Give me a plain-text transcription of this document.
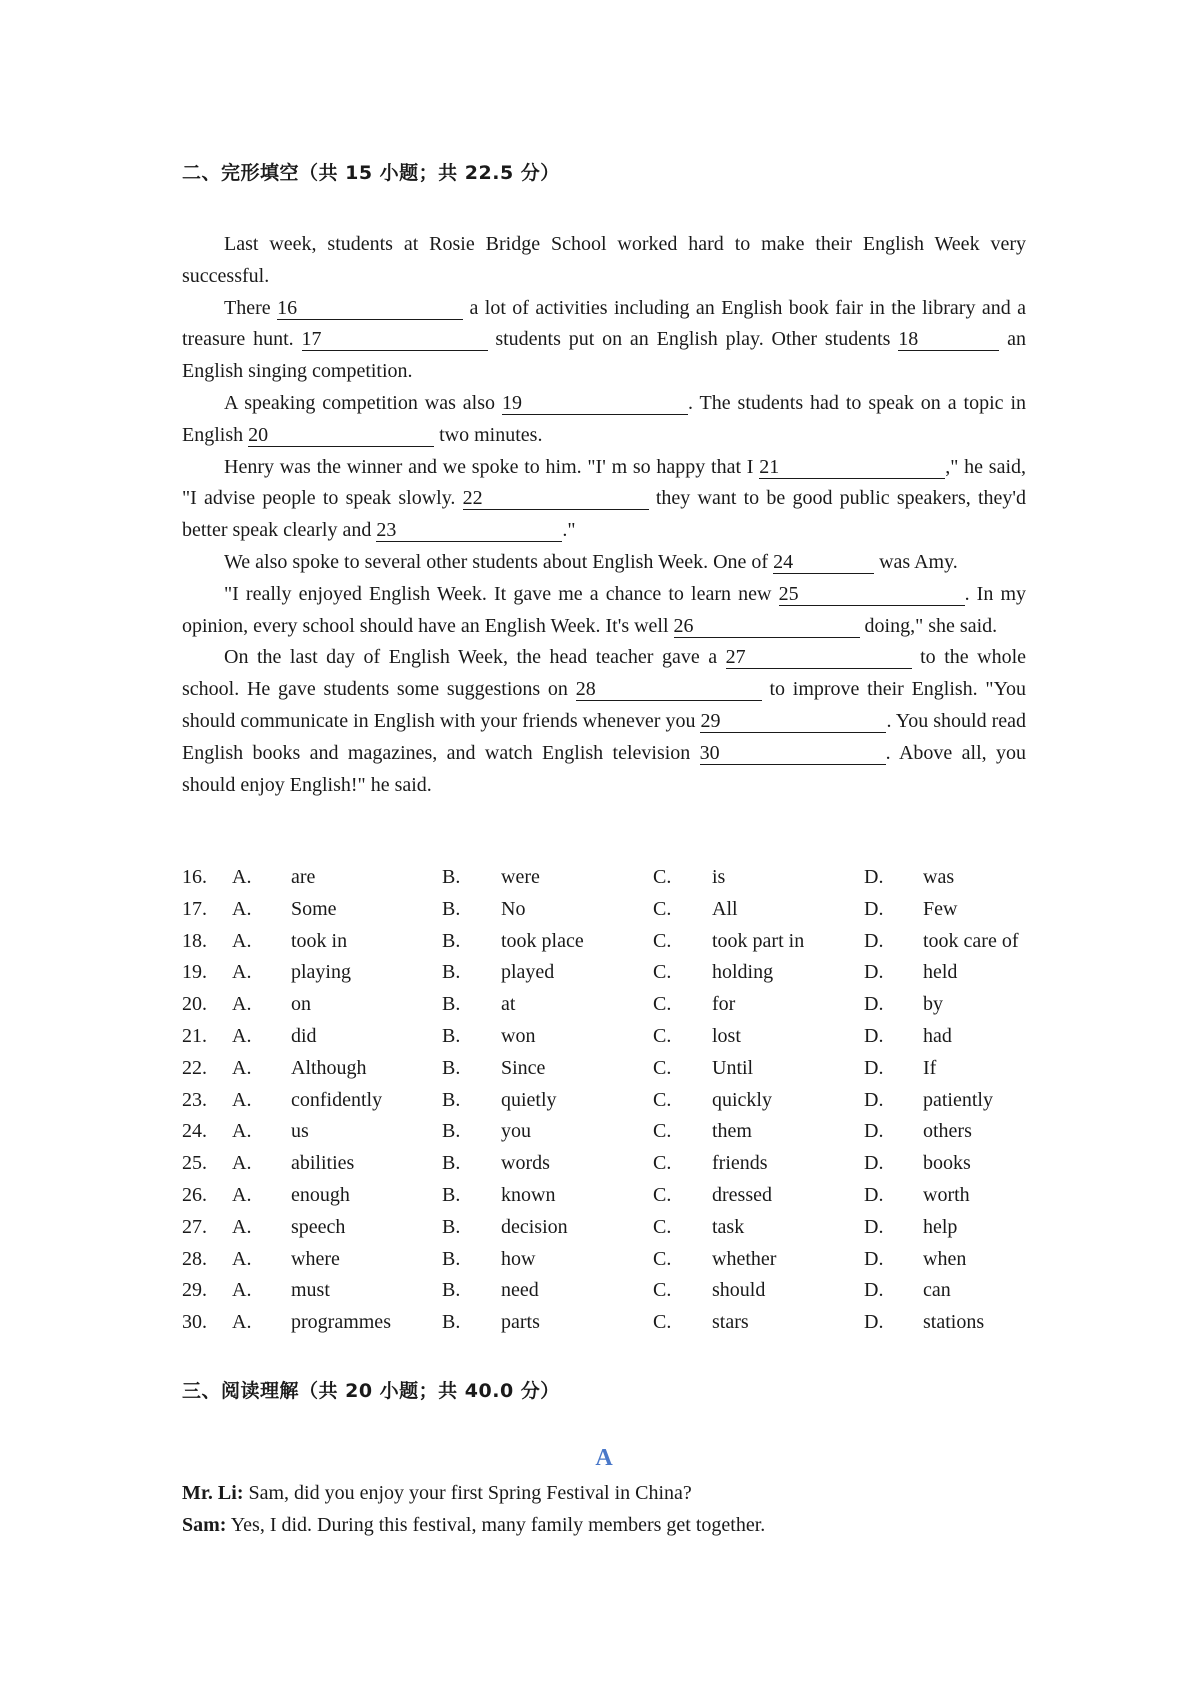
二、完形填空（共 15 小题；共 22.5 分）

Last week, students at Rosie Bridge School worked hard to make their English Week very successful.

There 16	a lot of activities including an English book fair in the library and a treasure hunt. 17	students put on an English play. Other students 18	an English singing competition.

A speaking competition was also 19	. The students had to speak on a topic in English 20	two minutes.

Henry was the winner and we spoke to him. "I' m so happy that I 21	," he said, "I advise people to speak slowly. 22	they want to be good public speakers, they'd better speak clearly and 23	."

We also spoke to several other students about English Week. One of 24	was Amy.

"I really enjoyed English Week. It gave me a chance to learn new 25	. In my opinion, every school should have an English Week. It's well 26	doing," she said.

On the last day of English Week, the head teacher gave a 27	to the whole school. He gave students some suggestions on 28	to improve their English. "You should communicate in English with your friends whenever you 29	. You should read English books and magazines, and watch English television 30	. Above all, you should enjoy English!" he said.

16. A. are	B. were	C. is	D. was
17. A. Some	B. No	C. All	D. Few
18. A. took in	B. took place	C. took part in	D. took care of
19. A. playing	B. played	C. holding	D. held
20. A. on	B. at	C. for	D. by
21. A. did	B. won	C. lost	D. had
22. A. Although	B. Since	C. Until	D. If
23. A. confidently	B. quietly	C. quickly	D. patiently
24. A. us	B. you	C. them	D. others
25. A. abilities	B. words	C. friends	D. books
26. A. enough	B. known	C. dressed	D. worth
27. A. speech	B. decision	C. task	D. help
28. A. where	B. how	C. whether	D. when
29. A. must	B. need	C. should	D. can
30. A. programmes	B. parts	C. stars	D. stations
三、阅读理解（共 20 小题；共 40.0 分）
A

Mr. Li: Sam, did you enjoy your first Spring Festival in China?

Sam: Yes, I did. During this festival, many family members get together.
